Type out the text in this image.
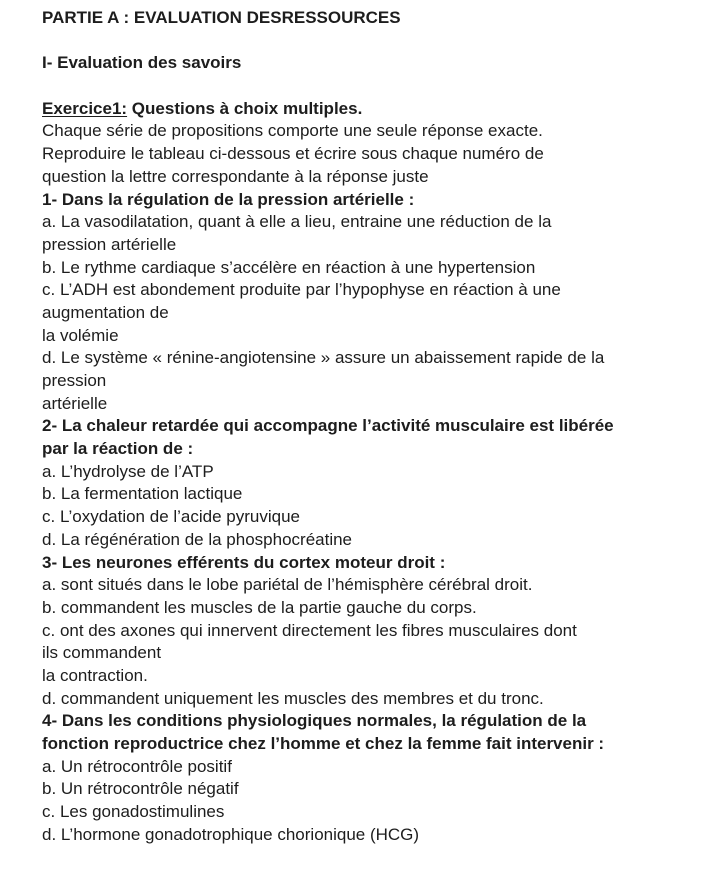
PARTIE A : EVALUATION DESRESSOURCES
I- Evaluation des savoirs
Exercice1: Questions à choix multiples.
Chaque série de propositions comporte une seule réponse exacte.
Reproduire le tableau ci-dessous et écrire sous chaque numéro de
question la lettre correspondante à la réponse juste
1- Dans la régulation de la pression artérielle :
a. La vasodilatation, quant à elle a lieu, entraine une réduction de la
pression artérielle
b. Le rythme cardiaque s’accélère en réaction à une hypertension
c. L’ADH est abondement produite par l’hypophyse en réaction à une
augmentation de
la volémie
d. Le système « rénine-angiotensine » assure un abaissement rapide de la
pression
artérielle
2- La chaleur retardée qui accompagne l’activité musculaire est libérée
par la réaction de :
a. L’hydrolyse de l’ATP
b. La fermentation lactique
c. L’oxydation de l’acide pyruvique
d. La régénération de la phosphocréatine
3- Les neurones efférents du cortex moteur droit :
a. sont situés dans le lobe pariétal de l’hémisphère cérébral droit.
b. commandent les muscles de la partie gauche du corps.
c. ont des axones qui innervent directement les fibres musculaires dont
ils commandent
la contraction.
d. commandent uniquement les muscles des membres et du tronc.
4- Dans les conditions physiologiques normales, la régulation de la
fonction reproductrice chez l’homme et chez la femme fait intervenir :
a. Un rétrocontrôle positif
b. Un rétrocontrôle négatif
c. Les gonadostimulines
d. L’hormone gonadotrophique chorionique (HCG)
